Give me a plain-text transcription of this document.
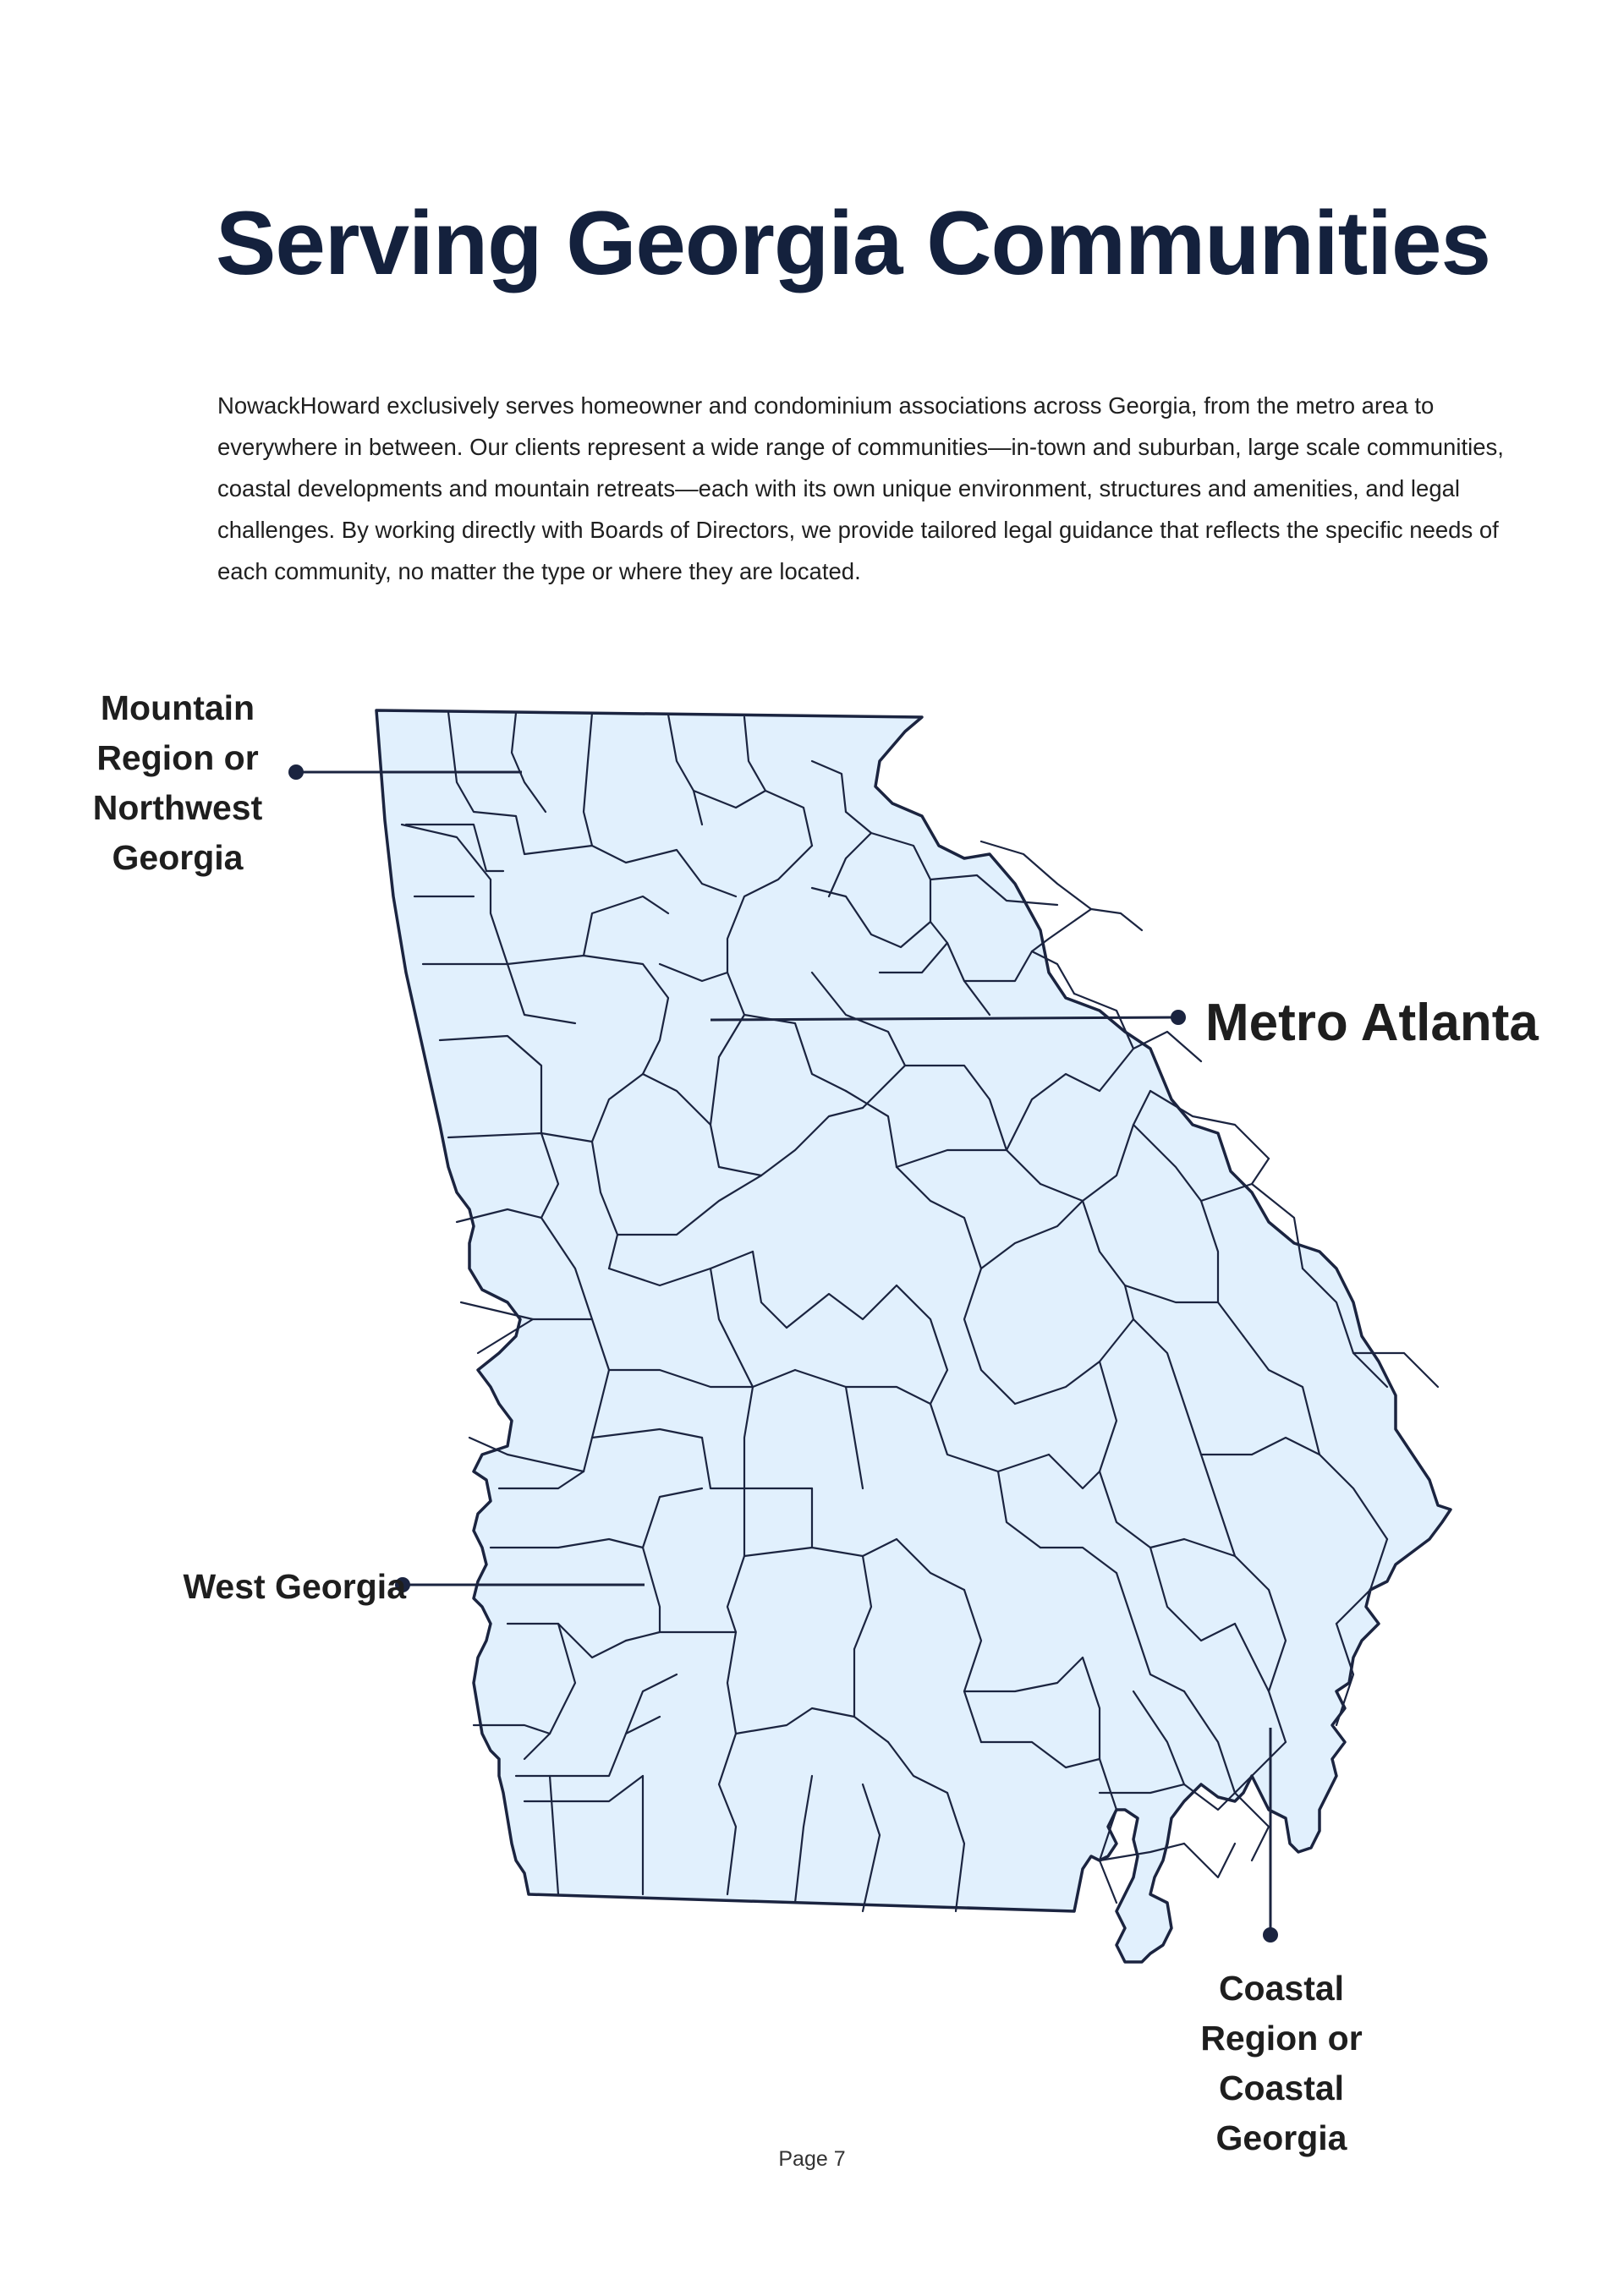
Serving Georgia Communities

NowackHoward exclusively serves homeowner and condominium associations across Georgia, from the metro area to everywhere in between. Our clients represent a wide range of communities—in-town and suburban, large scale communities, coastal developments and mountain retreats—each with its own unique environment, structures and amenities, and legal challenges. By working directly with Boards of Directors, we provide tailored legal guidance that reflects the specific needs of each community, no matter the type or where they are located.

Mountain
Region or
Northwest
Georgia
Metro Atlanta
West Georgia
Coastal
Region or
Coastal
Georgia
Page 7
